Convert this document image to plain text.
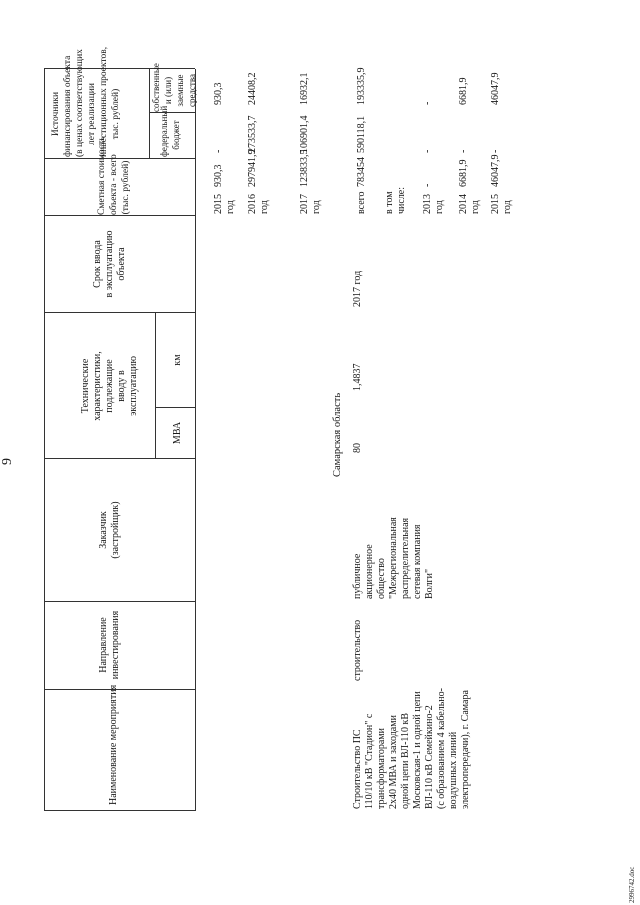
9
Наименование мероприятия
Направление
инвестирования
Заказчик
(застройщик)
Технические
характеристики,
подлежащие
вводу в
эксплуатацию
МВА
км
Срок ввода
в эксплуатацию
объекта
Сметная стоимость
объекта - всего
(тыс. рублей)
Источники
финансирования объекта
(в ценах соответствующих
лет реализации
инвестиционных проектов,
тыс. рублей)
федеральный
бюджет
собственные
и (или)
заемные
средства
2015
год
930,3
-
930,3
2016
год
297941,9
273533,7
24408,2
2017
год
123833,5
106901,4
16932,1
Самарская область
Строительство ПС
110/10 кВ "Стадион" с
трансформаторами
2x40 МВА и заходами
одной цепи ВЛ-110 кВ
Московская-1 и одной цепи
ВЛ-110 кВ Семейкино-2
(с образованием 4 кабельно-
воздушных линий
электропередачи), г. Самара
строительство
публичное
акционерное
общество
"Межрегиональная
распределительная
сетевая компания
Волги"
80
1,4837
2017 год
всего
783454
590118,1
193335,9
в том
числе: 2013
год
-
-
-
2014
год
6681,9
-
6681,9
2015
год
46047,9
-
46047,9
2996742.doc
